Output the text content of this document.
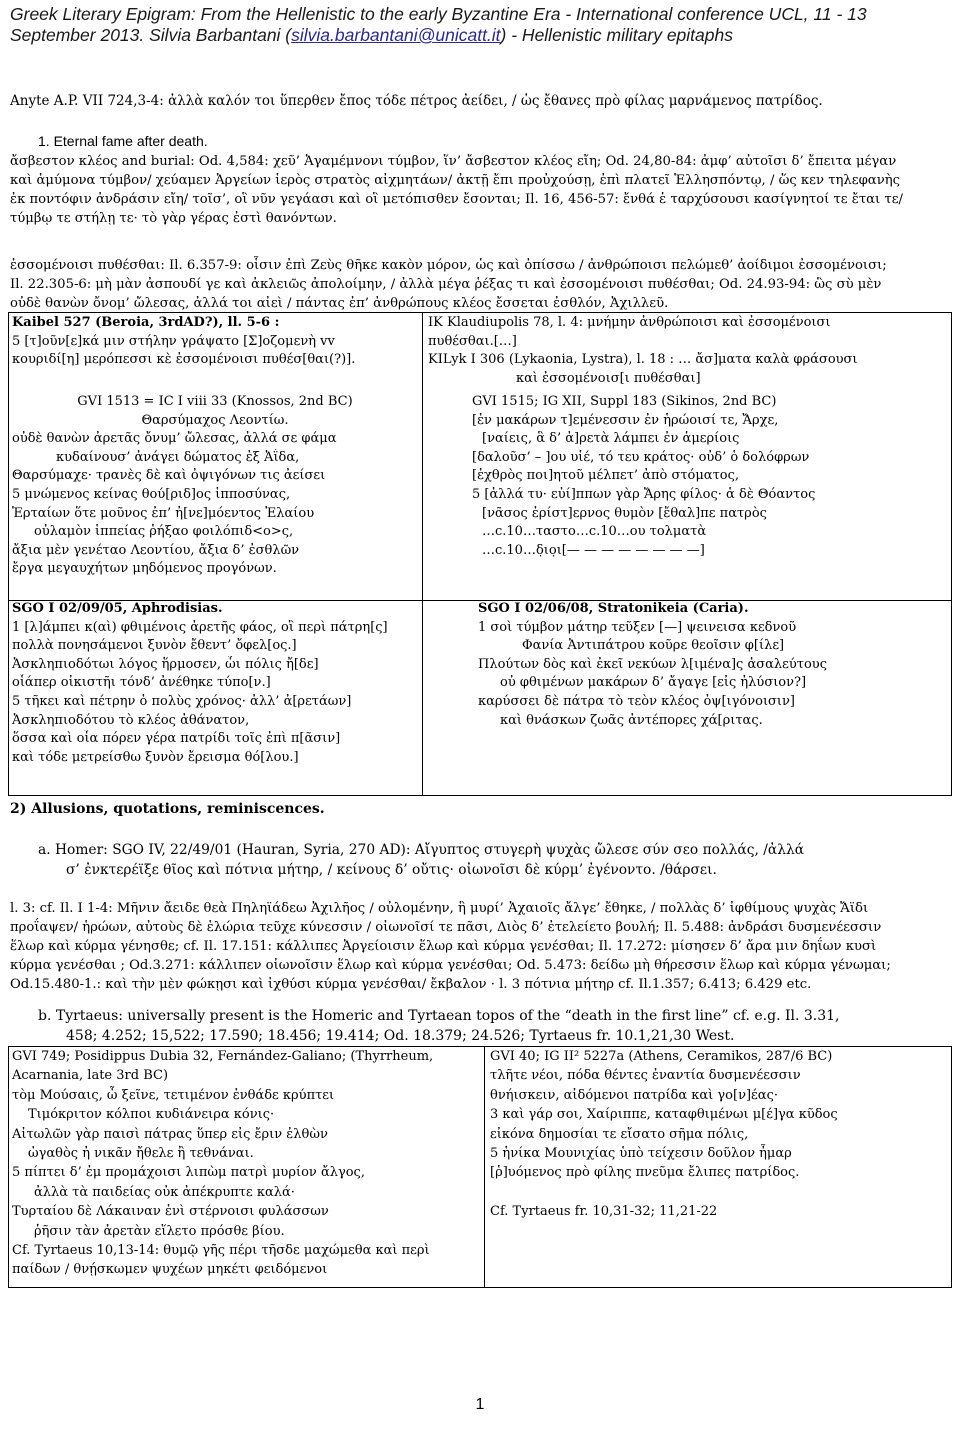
Greek Literary Epigram: From the Hellenistic to the early Byzantine Era - International conference UCL, 11 - 13
September 2013. Silvia Barbantani (silvia.barbantani@unicatt.it) - Hellenistic military epitaphs
Anyte A.P. VII 724,3-4: ἀλλὰ καλόν τοι ὕπερθεν ἔπος τόδε πέτρος ἀείδει, / ὡς ἔθανες πρὸ φίλας μαρνάμενος πατρίδος.
1. Eternal fame after death.
ἄσβεστον κλέος and burial: Od. 4,584: χεῦ’ Ἀγαμέμνονι τύμβον, ἵν’ ἄσβεστον κλέος εἴη; Od. 24,80-84: ἀμφ’ αὐτοῖσι δ’ ἔπειτα μέγαν
καὶ ἀμύμονα τύμβον/ χεύαμεν Ἀργείων ἱερὸς στρατὸς αἰχμητάων/ ἀκτῇ ἔπι προὐχούσῃ, ἐπὶ πλατεῖ Ἑλλησπόντῳ, / ὥς κεν τηλεφανὴς
ἐκ ποντόφιν ἀνδράσιν εἴη/ τοῖσ’, οἳ νῦν γεγάασι καὶ οἳ μετόπισθεν ἔσονται; Il. 16, 456-57: ἔνθά ἑ ταρχύσουσι κασίγνητοί τε ἔται τε/
τύμβῳ τε στήλῃ τε· τὸ γὰρ γέρας ἐστὶ θανόντων.
ἐσσομένοισι πυθέσθαι: Il. 6.357-9: οἷσιν ἐπὶ Ζεὺς θῆκε κακὸν μόρον, ὡς καὶ ὀπίσσω / ἀνθρώποισι πελώμεθ’ ἀοίδιμοι ἐσσομένοισι;
Il. 22.305-6: μὴ μὰν ἀσπουδί γε καὶ ἀκλειῶς ἀπολοίμην, / ἀλλὰ μέγα ῥέξας τι καὶ ἐσσομένοισι πυθέσθαι; Od. 24.93-94: ὣς σὺ μὲν
οὐδὲ θανὼν ὄνομ’ ὤλεσας, ἀλλά τοι αἰεὶ / πάντας ἐπ’ ἀνθρώπους κλέος ἔσσεται ἐσθλόν, Ἀχιλλεῦ.
Kaibel 527 (Beroia, 3rdAD?), ll. 5-6 :
5 [τ]οῦν[ε]κά μιν στήλην γράψατο [Σ]οζομενὴ vv
κουριδί[η] μερόπεσσι κὲ ἐσσομένοισι πυθέσ[θαι(?)].
IK Klaudiupolis 78, l. 4: μνήμην ἀνθρώποισι καὶ ἐσσομένοισι
πυθέσθαι.[…]
KILyk I 306 (Lykaonia, Lystra), l. 18 : … ἄσ]ματα καλὰ φράσουσι
καὶ ἐσσομένοισ[ι πυθέσθαι]
GVI 1513 = IC I viii 33 (Knossos, 2nd BC)
Θαρσύμαχος Λεοντίω.
οὐδὲ θανὼν ἀρετᾶς ὄνυμ’ ὤλεσας, ἀλλά σε φάμα
κυδαίνουσ’ ἀνάγει δώματος ἐξ Ἀΐδα,
Θαρσύμαχε· τρανὲς δὲ καὶ ὀψιγόνων τις ἀείσει
5 μνώμενος κείνας θού[ριδ]ος ἱπποσύνας,
Ἑρταίων ὅτε μοῦνος ἐπ’ ἠ[νε]μόεντος Ἐλαίου
οὐλαμὸν ἱππείας ῥήξαο φοιλόπιδ<ο>ς,
ἄξια μὲν γενέταο Λεοντίου, ἄξια δ’ ἐσθλῶν
ἔργα μεγαυχήτων μηδόμενος προγόνων.
GVI 1515; IG XII, Suppl 183 (Sikinos, 2nd BC)
[ἐν μακάρων τ]εμένεσσιν ἐν ἡρώοισί τε, Ἄρχε,
[ναίεις, ἃ δ’ ἀ]ρετὰ λάμπει ἐν ἁμερίοις
[δαλοῦσ’ – ]ου υἱέ, τό τευ κράτος· οὐδ’ ὁ δολόφρων
[ἐχθρὸς ποι]ητοῦ μέλπετ’ ἀπὸ στόματος,
5 [ἀλλά τυ· εὐί]ππων γὰρ Ἄρης φίλος· ἁ δὲ Θόαντος
[νᾶσος ἐρίστ]ερνος θυμὸν [ἔθαλ]πε πατρὸς
…c.10…ταστο…c.10…ου τολματὰ
…c.10…δ̣ιο̣ι[— — — — — — — —]
SGO I 02/09/05, Aphrodisias.
1 [λ]άμπει κ(αὶ) φθιμένοις ἀρετῆς φάος, οἳ περὶ πάτρη[ς]
πολλὰ πονησάμενοι ξυνὸν ἔθεντ’ ὄφελ[ος.]
Ἀσκληπιοδότωι λόγος ἥρμοσεν, ὧι πόλις ἤ[δε]
οἷάπερ οἰκιστῆι τόνδ’ ἀνέθηκε τύπο[ν.]
5 τῆκει καὶ πέτρην ὁ πολὺς χρόνος· ἀλλ’ ἀ[ρετάων]
Ἀσκληπιοδότου τὸ κλέος ἀθάνατον,
ὅσσα καὶ οἷα πόρεν γέρα πατρίδι τοῖς ἐπὶ π[ᾶσιν]
καὶ τόδε μετρείσθω ξυνὸν ἔρεισμα θό[λου.]
SGO I 02/06/08, Stratonikeia (Caria).
1 σοὶ τύμβον μάτηρ τεῦξεν [—] ψεινεισα κεδνοῦ
Φανία Ἀντιπάτρου κοῦρε θεοῖσιν φ[ίλε]
Πλούτων δὸς καὶ ἐκεῖ νεκύων λ[ιμένα]ς ἀσαλεύτους
οὐ φθιμένων μακάρων δ’ ἄγαγε [εἰς ἠλύσιον?]
καρύσσει δὲ πάτρα τὸ τεὸν κλέος ὀψ[ιγόνοισιν]
καὶ θνάσκων ζωᾶς ἀντέπορες χά[ριτας.
2) Allusions, quotations, reminiscences.
a. Homer: SGO IV, 22/49/01 (Hauran, Syria, 270 AD): Αἴγυπτος στυγερὴ ψυχὰς ὤλεσε σύν σεο πολλάς, /ἀλλά
σ’ ἐνκτερέϊξε θῖος καὶ πότνια μήτηρ, / κείνους δ’ οὔτις· οἰωνοῖσι δὲ κύρμ’ ἐγένοντο. /θάρσει.
l. 3: cf. Il. I 1-4: Μῆνιν ἄειδε θεὰ Πηληϊάδεω Ἀχιλῆος / οὐλομένην, ἣ μυρί’ Ἀχαιοῖς ἄλγε’ ἔθηκε, / πολλὰς δ’ ἰφθίμους ψυχὰς Ἄϊδι
προΐαψεν/ ἡρώων, αὐτοὺς δὲ ἑλώρια τεῦχε κύνεσσιν / οἰωνοῖσί τε πᾶσι, Διὸς δ’ ἐτελείετο βουλή; Il. 5.488: ἀνδράσι δυσμενέεσσιν
ἕλωρ καὶ κύρμα γένησθε; cf. Il. 17.151: κάλλιπες Ἀργείοισιν ἕλωρ καὶ κύρμα γενέσθαι; Il. 17.272: μίσησεν δ’ ἄρα μιν δηΐων κυσὶ
κύρμα γενέσθαι ; Od.3.271: κάλλιπεν οἰωνοῖσιν ἕλωρ καὶ κύρμα γενέσθαι; Od. 5.473: δείδω μὴ θήρεσσιν ἕλωρ καὶ κύρμα γένωμαι;
Od.15.480-1.: καὶ τὴν μὲν φώκῃσι καὶ ἰχθύσι κύρμα γενέσθαι/ ἔκβαλον · l. 3 πότνια μήτηρ cf. Il.1.357; 6.413; 6.429 etc.
b. Tyrtaeus: universally present is the Homeric and Tyrtaean topos of the “death in the first line” cf. e.g. Il. 3.31,
458; 4.252; 15,522; 17.590; 18.456; 19.414; Od. 18.379; 24.526; Tyrtaeus fr. 10.1,21,30 West.
GVI 749; Posidippus Dubia 32, Fernández-Galiano; (Thyrrheum,
Acarnania, late 3rd BC)
τὸμ Μούσαις, ὦ ξεῖνε, τετιμένον ἐνθάδε κρύπτει
Τιμόκριτον κόλποι κυδιάνειρα κόνις·
Αἰτωλῶν γὰρ παισὶ πάτρας ὕπερ εἰς ἔριν ἐλθὼν
ὠγαθὸς ἠ νικᾶν ἤθελε ἢ τεθνάναι.
5 πίπτει δ’ ἐμ προμάχοισι λιπὼμ πατρὶ μυρίον ἄλγος,
ἀλλὰ τὰ παιδείας οὐκ ἀπέκρυπτε καλά·
Τυρταίου δὲ Λάκαιναν ἐνὶ στέρνοισι φυλάσσων
ῥῆσιν τὰν ἀρετὰν εἵλετο πρόσθε βίου.
Cf. Tyrtaeus 10,13-14: θυμῷ γῆς πέρι τῆσδε μαχώμεθα καὶ περὶ
παίδων / θνῄσκωμεν ψυχέων μηκέτι φειδόμενοι
GVI 40; IG II² 5227a (Athens, Ceramikos, 287/6 BC)
τλῆτε νέοι, πόδα θέντες ἐναντία δυσμενέεσσιν
θνήισκειν, αἰδόμενοι πατρίδα καὶ γο[ν]έας·
3 καὶ γάρ σοι, Χαίριππε, καταφθιμένωι μ[έ]γα κῦδος
εἰκόνα δημοσίαι τε εἴσατο σῆμα πόλις,
5 ἡνίκα Μουνιχίας ὑπὸ τείχεσιν δοῦλον ἦμαρ
[ῥ]υόμενος πρὸ φίλης πνεῦμα ἔλιπες πατρίδος.
Cf. Tyrtaeus fr. 10,31-32; 11,21-22
1
